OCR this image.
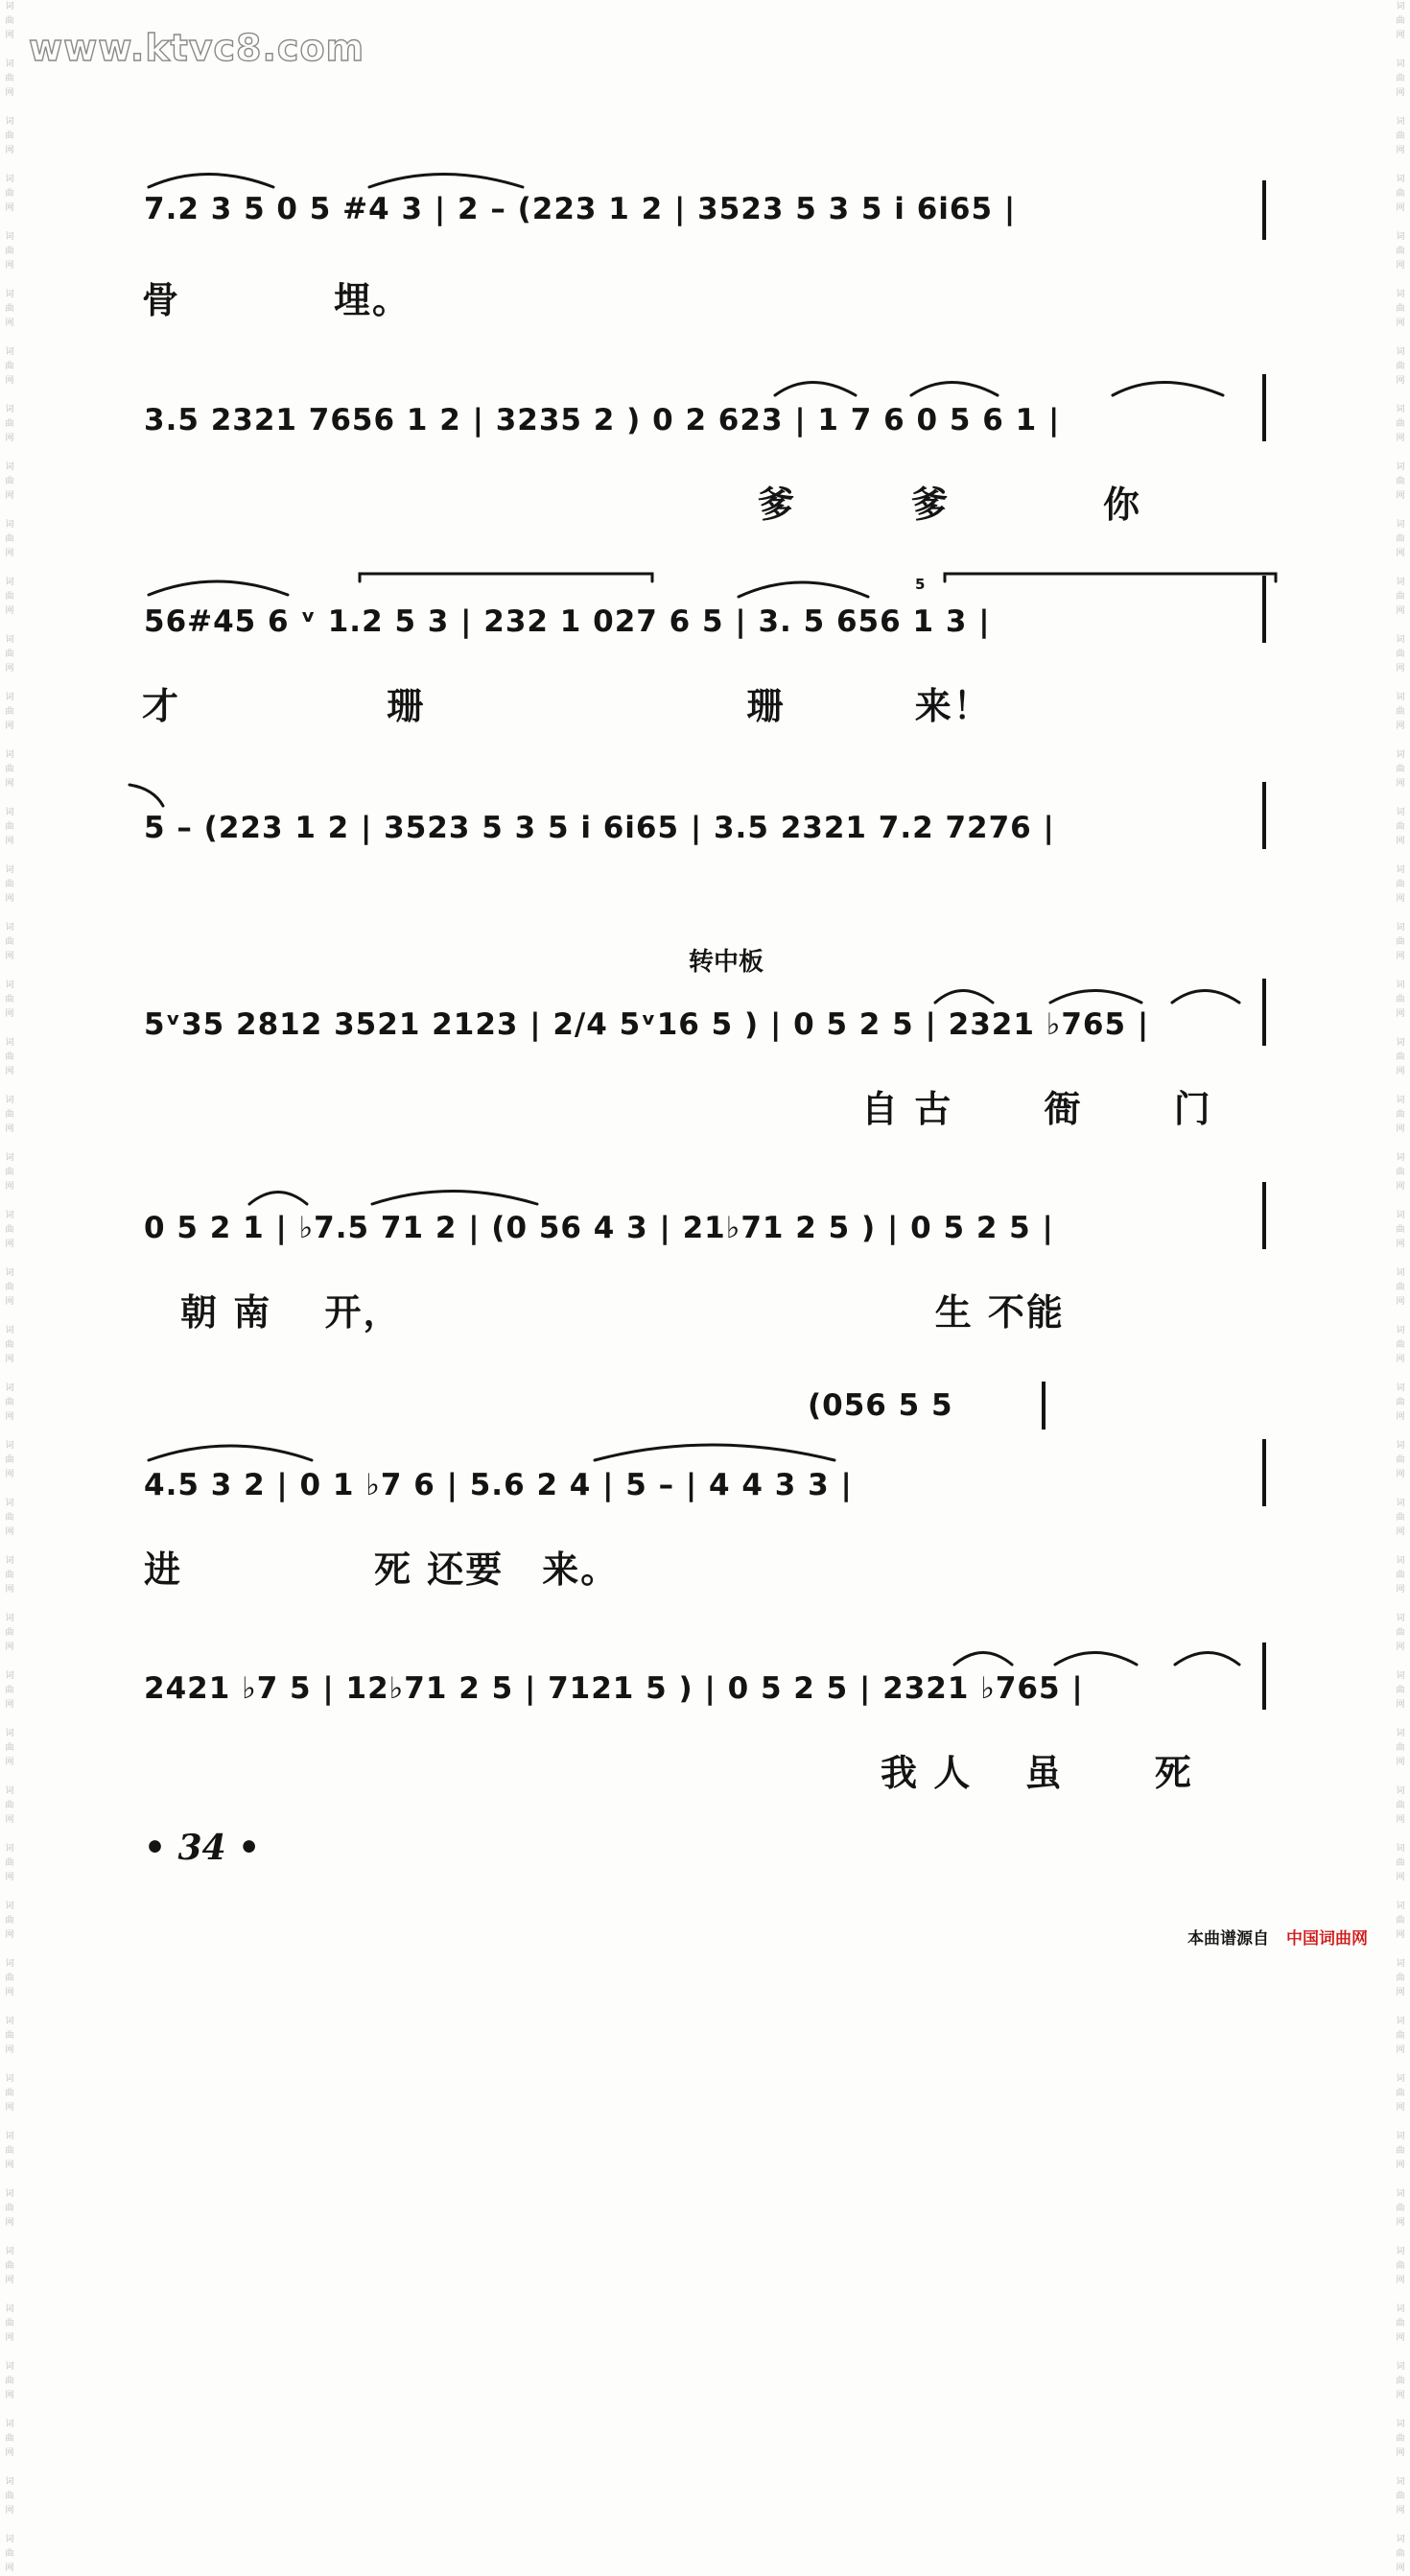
www.ktvc8.com
词
曲
网

词
曲
网

词
曲
网

词
曲
网

词
曲
网

词
曲
网

词
曲
网

词
曲
网

词
曲
网

词
曲
网

词
曲
网

词
曲
网

词
曲
网

词
曲
网

词
曲
网

词
曲
网

词
曲
网

词
曲
网

词
曲
网

词
曲
网

词
曲
网

词
曲
网

词
曲
网

词
曲
网

词
曲
网

词
曲
网

词
曲
网

词
曲
网

词
曲
网

词
曲
网

词
曲
网

词
曲
网

词
曲
网

词
曲
网

词
曲
网

词
曲
网

词
曲
网

词
曲
网

词
曲
网

词
曲
网

词
曲
网

词
曲
网

词
曲
网

词
曲
网

词
曲
网

词
曲
网

词
曲
网

词
曲
网

词
曲
网

词
曲
网

词
曲
网

词
曲
网

词
曲
网

词
曲
网

词
曲
网

词
曲
网

词
曲
网

词
曲
网

词
曲
网

词
曲
网

词
曲
网

词
曲
网

词
曲
网

词
曲
网

词
曲
网

词
曲
网

词
曲
网

词
曲
网

词
曲
网

词
曲
网

词
曲
网

词
曲
网

词
曲
网

词
曲
网

词
曲
网

词
曲
网

词
曲
网

词
曲
网

词
曲
网

词
曲
网

词
曲
网

词
曲
网

词
曲
网

词
曲
网

词
曲
网

词
曲
网

词
曲
网

词
曲
网

词
曲
网

词
曲
网

7.2 3 5 0 5 #4 3 | 2 – (223 1 2 | 3523 5 3 5 i 6i65 |
骨　　　　埋。
3.5 2321 7656 1 2 | 3235 2 ) 0 2 623 | 1 7 6 0 5 6 1 |
爹　　　爹　　　　你
56#45 6 ᵛ 1.2 5 3 | 232 1 027 6 5 | 3. 5 656 1 3 |
才　　　　　 珊　　　　　　　　 珊　　　 来！
5
5 – (223 1 2 | 3523 5 3 5 i 6i65 | 3.5 2321 7.2 7276 |
转中板
5ᵛ35 2812 3521 2123 | 2/4 5ᵛ16 5 ) | 0 5 2 5 | 2321 ♭765 |
自 古　　 衙　　 门
0 5 2 1 | ♭7.5 71 2 | (0 56 4 3 | 21♭71 2 5 ) | 0 5 2 5 |
朝 南　 开，　　　　　　　　　　　　　　 生 不能
(056 5 5
4.5 3 2 | 0 1 ♭7 6 | 5.6 2 4 | 5 – | 4 4 3 3 |
进　　　　　死 还要　来。
2421 ♭7 5 | 12♭71 2 5 | 7121 5 ) | 0 5 2 5 | 2321 ♭765 |
我 人　 虽　　 死
• 34 •
本曲谱源自 中国词曲网
